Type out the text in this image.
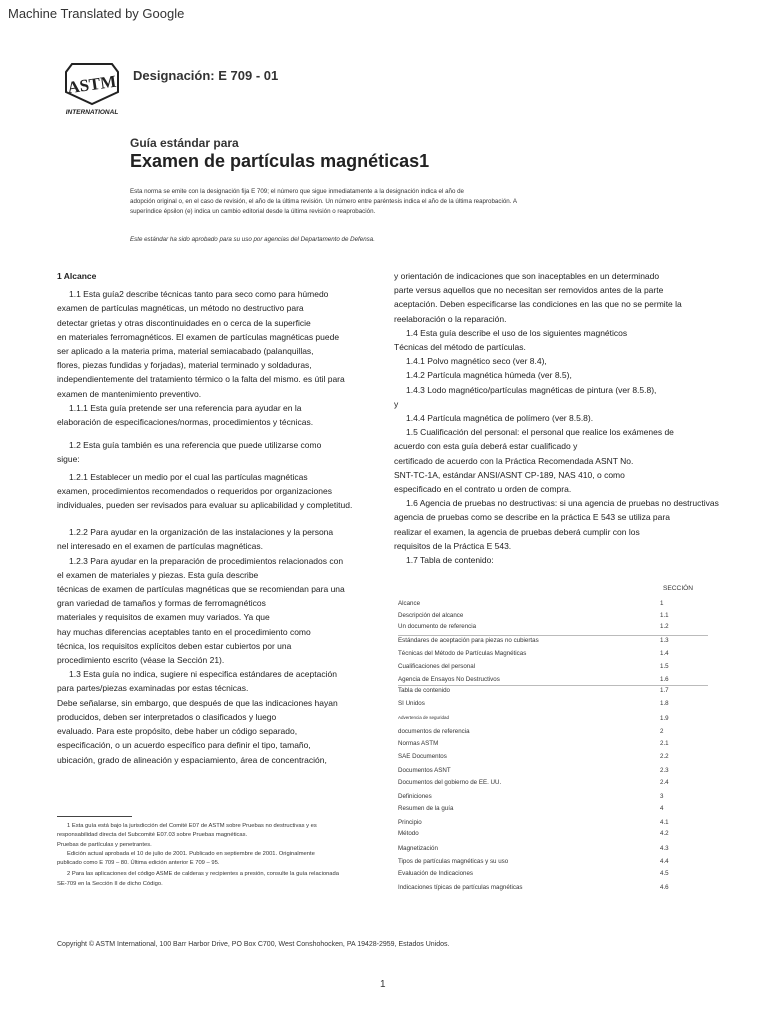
Machine Translated by Google
ASTM
INTERNATIONAL
Designación: E 709 - 01
Guía estándar para
Examen de partículas magnéticas1
Esta norma se emite con la designación fija E 709; el número que sigue inmediatamente a la designación indica el año de
adopción original o, en el caso de revisión, el año de la última revisión. Un número entre paréntesis indica el año de la última reaprobación. A
superíndice épsilon (e) indica un cambio editorial desde la última revisión o reaprobación.
Este estándar ha sido aprobado para su uso por agencias del Departamento de Defensa.

1 Alcance

1.1 Esta guía2 describe técnicas tanto para seco como para húmedo

examen de partículas magnéticas, un método no destructivo para

detectar grietas y otras discontinuidades en o cerca de la superficie

en materiales ferromagnéticos. El examen de partículas magnéticas puede

ser aplicado a la materia prima, material semiacabado (palanquillas,

flores, piezas fundidas y forjadas), material terminado y soldaduras,

independientemente del tratamiento térmico o la falta del mismo. es útil para

examen de mantenimiento preventivo.

1.1.1 Esta guía pretende ser una referencia para ayudar en la

elaboración de especificaciones/normas, procedimientos y técnicas.

1.2 Esta guía también es una referencia que puede utilizarse como

sigue:

1.2.1 Establecer un medio por el cual las partículas magnéticas

examen, procedimientos recomendados o requeridos por organizaciones

individuales, pueden ser revisados para evaluar su aplicabilidad y completitud.

1.2.2 Para ayudar en la organización de las instalaciones y la persona

nel interesado en el examen de partículas magnéticas.

1.2.3 Para ayudar en la preparación de procedimientos relacionados con

el examen de materiales y piezas. Esta guía describe

técnicas de examen de partículas magnéticas que se recomiendan para una

gran variedad de tamaños y formas de ferromagnéticos

materiales y requisitos de examen muy variados. Ya que

hay muchas diferencias aceptables tanto en el procedimiento como

técnica, los requisitos explícitos deben estar cubiertos por una

procedimiento escrito (véase la Sección 21).

1.3 Esta guía no indica, sugiere ni especifica estándares de aceptación

para partes/piezas examinadas por estas técnicas.

Debe señalarse, sin embargo, que después de que las indicaciones hayan

producidos, deben ser interpretados o clasificados y luego

evaluado. Para este propósito, debe haber un código separado,

especificación, o un acuerdo específico para definir el tipo, tamaño,

ubicación, grado de alineación y espaciamiento, área de concentración,

y orientación de indicaciones que son inaceptables en un determinado

parte versus aquellos que no necesitan ser removidos antes de la parte

aceptación. Deben especificarse las condiciones en las que no se permite la

reelaboración o la reparación.

1.4 Esta guía describe el uso de los siguientes magnéticos

Técnicas del método de partículas.

1.4.1 Polvo magnético seco (ver 8.4),

1.4.2 Partícula magnética húmeda (ver 8.5),

1.4.3 Lodo magnético/partículas magnéticas de pintura (ver 8.5.8),

y

1.4.4 Partícula magnética de polímero (ver 8.5.8).

1.5 Cualificación del personal: el personal que realice los exámenes de

acuerdo con esta guía deberá estar cualificado y

certificado de acuerdo con la Práctica Recomendada ASNT No.

SNT-TC-1A, estándar ANSI/ASNT CP-189, NAS 410, o como

especificado en el contrato u orden de compra.

1.6 Agencia de pruebas no destructivas: si una agencia de pruebas no destructivas

agencia de pruebas como se describe en la práctica E 543 se utiliza para

realizar el examen, la agencia de pruebas deberá cumplir con los

requisitos de la Práctica E 543.

1.7 Tabla de contenido:

1 Esta guía está bajo la jurisdicción del Comité E07 de ASTM sobre Pruebas no destructivas y es

responsabilidad directa del Subcomité E07.03 sobre Pruebas magnéticas.

Pruebas de partículas y penetrantes.

Edición actual aprobada el 10 de julio de 2001. Publicado en septiembre de 2001. Originalmente

publicado como E 709 – 80. Última edición anterior E 709 – 95.

2 Para las aplicaciones del código ASME de calderas y recipientes a presión, consulte la guía relacionada

SE-709 en la Sección II de dicho Código.

SECCIÓN
Alcance	1
Descripción del alcance	1.1
Un documento de referencia	1.2
Estándares de aceptación para piezas no cubiertas	1.3
Técnicas del Método de Partículas Magnéticas	1.4
Cualificaciones del personal	1.5
Agencia de Ensayos No Destructivos	1.6
Tabla de contenido	1.7
SI Unidos	1.8
Advertencia de seguridad	1.9
documentos de referencia	2
Normas ASTM	2.1
SAE Documentos	2.2
Documentos ASNT	2.3
Documentos del gobierno de EE. UU.	2.4
Definiciones	3
Resumen de la guía	4
Principio	4.1
Método	4.2
Magnetización	4.3
Tipos de partículas magnéticas y su uso	4.4
Evaluación de Indicaciones	4.5
Indicaciones típicas de partículas magnéticas	4.6
Copyright © ASTM International, 100 Barr Harbor Drive, PO Box C700, West Conshohocken, PA 19428-2959, Estados Unidos.
1
